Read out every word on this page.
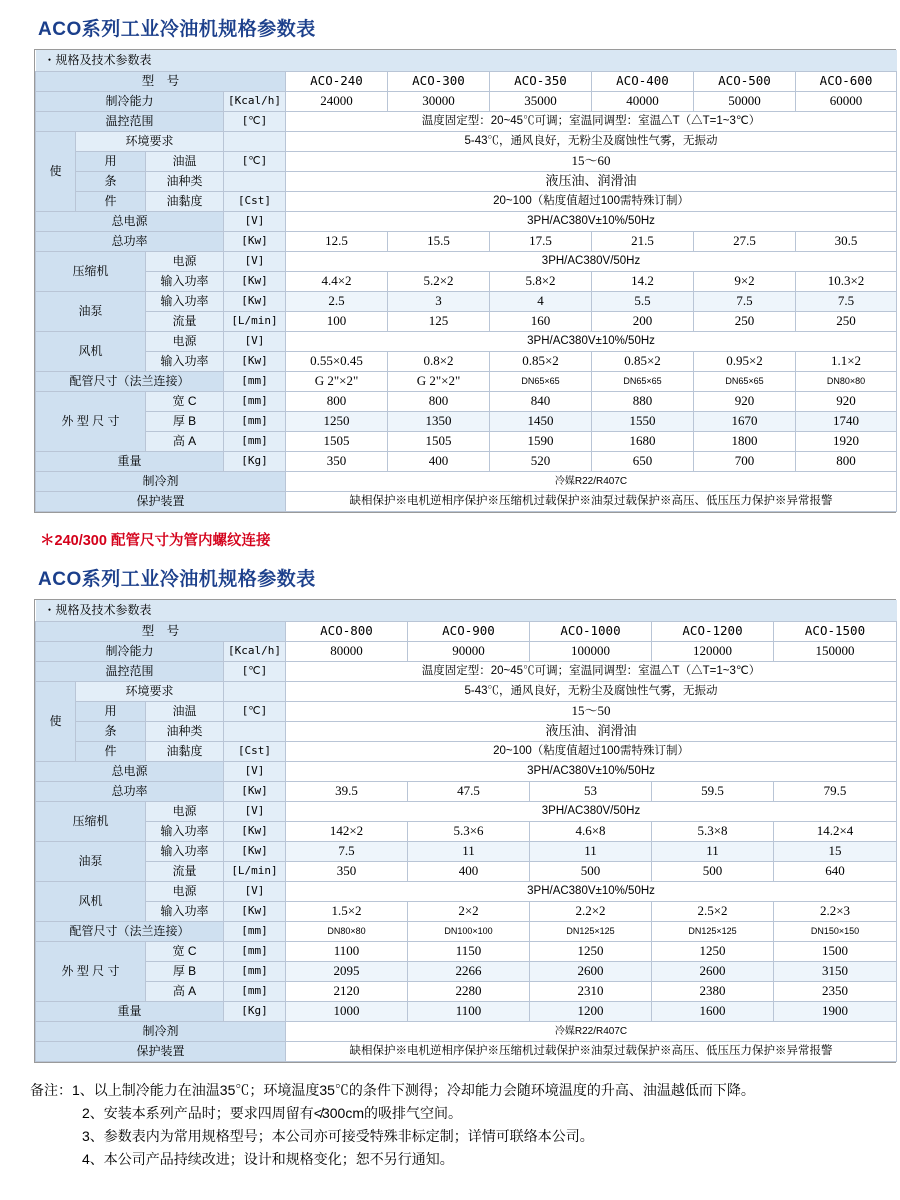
ACO系列工业冷油机规格参数表
・规格及技术参数表									
型　号				ACO-240	ACO-300	ACO-350	ACO-400	ACO-500	ACO-600
制冷能力			[Kcal/h]	24000	30000	35000	40000	50000	60000
温控范围			[℃]	温度固定型：20~45℃可调；室温同调型：室温△T（△T=1~3℃）					

使	环境要求			5-43℃，通风良好，无粉尘及腐蚀性气雾，无振动					
	用	油温	[℃]	15～60					
	条	油种类		液压油、润滑油					
	件	油黏度	[Cst]	20~100（粘度值超过100需特殊订制）					
总电源			[V]	3PH/AC380V±10%/50Hz					
总功率			[Kw]	12.5	15.5	17.5	21.5	27.5	30.5
压缩机		电源	[V]	3PH/AC380V/50Hz					
		输入功率	[Kw]	4.4×2	5.2×2	5.8×2	14.2	9×2	10.3×2
油泵		输入功率	[Kw]	2.5	3	4	5.5	7.5	7.5
		流量	[L/min]	100	125	160	200	250	250
风机		电源	[V]	3PH/AC380V±10%/50Hz					
		输入功率	[Kw]	0.55×0.45	0.8×2	0.85×2	0.85×2	0.95×2	1.1×2
配管尺寸（法兰连接）			[mm]	G 2"×2"	G 2"×2"	DN65×65	DN65×65	DN65×65	DN80×80
外 型 尺 寸		宽 C	[mm]	800	800	840	880	920	920
		厚 B	[mm]	1250	1350	1450	1550	1670	1740
		高 A	[mm]	1505	1505	1590	1680	1800	1920
重量			[Kg]	350	400	520	650	700	800
制冷剂				冷媒R22/R407C					
保护装置				缺相保护※电机逆相序保护※压缩机过载保护※油泵过载保护※高压、低压压力保护※异常报警					

＊240/300 配管尺寸为管内螺纹连接

ACO系列工业冷油机规格参数表
・规格及技术参数表								
型　号				ACO-800	ACO-900	ACO-1000	ACO-1200	ACO-1500
制冷能力			[Kcal/h]	80000	90000	100000	120000	150000
温控范围			[℃]	温度固定型：20~45℃可调；室温同调型：室温△T（△T=1~3℃）				

使	环境要求			5-43℃，通风良好，无粉尘及腐蚀性气雾，无振动				
	用	油温	[℃]	15～50				
	条	油种类		液压油、润滑油				
	件	油黏度	[Cst]	20~100（粘度值超过100需特殊订制）				
总电源			[V]	3PH/AC380V±10%/50Hz				
总功率			[Kw]	39.5	47.5	53	59.5	79.5
压缩机		电源	[V]	3PH/AC380V/50Hz				
		输入功率	[Kw]	142×2	5.3×6	4.6×8	5.3×8	14.2×4
油泵		输入功率	[Kw]	7.5	11	11	11	15
		流量	[L/min]	350	400	500	500	640
风机		电源	[V]	3PH/AC380V±10%/50Hz				
		输入功率	[Kw]	1.5×2	2×2	2.2×2	2.5×2	2.2×3
配管尺寸（法兰连接）			[mm]	DN80×80	DN100×100	DN125×125	DN125×125	DN150×150
外 型 尺 寸		宽 C	[mm]	1100	1150	1250	1250	1500
		厚 B	[mm]	2095	2266	2600	2600	3150
		高 A	[mm]	2120	2280	2310	2380	2350
重量			[Kg]	1000	1100	1200	1600	1900
制冷剂				冷媒R22/R407C				
保护装置				缺相保护※电机逆相序保护※压缩机过载保护※油泵过载保护※高压、低压压力保护※异常报警				
备注：1、以上制冷能力在油温35℃；环境温度35℃的条件下测得；冷却能力会随环境温度的升高、油温越低而下降。
2、安装本系列产品时；要求四周留有≮300cm的吸排气空间。
3、参数表内为常用规格型号；本公司亦可接受特殊非标定制；详情可联络本公司。
4、本公司产品持续改进；设计和规格变化；恕不另行通知。
